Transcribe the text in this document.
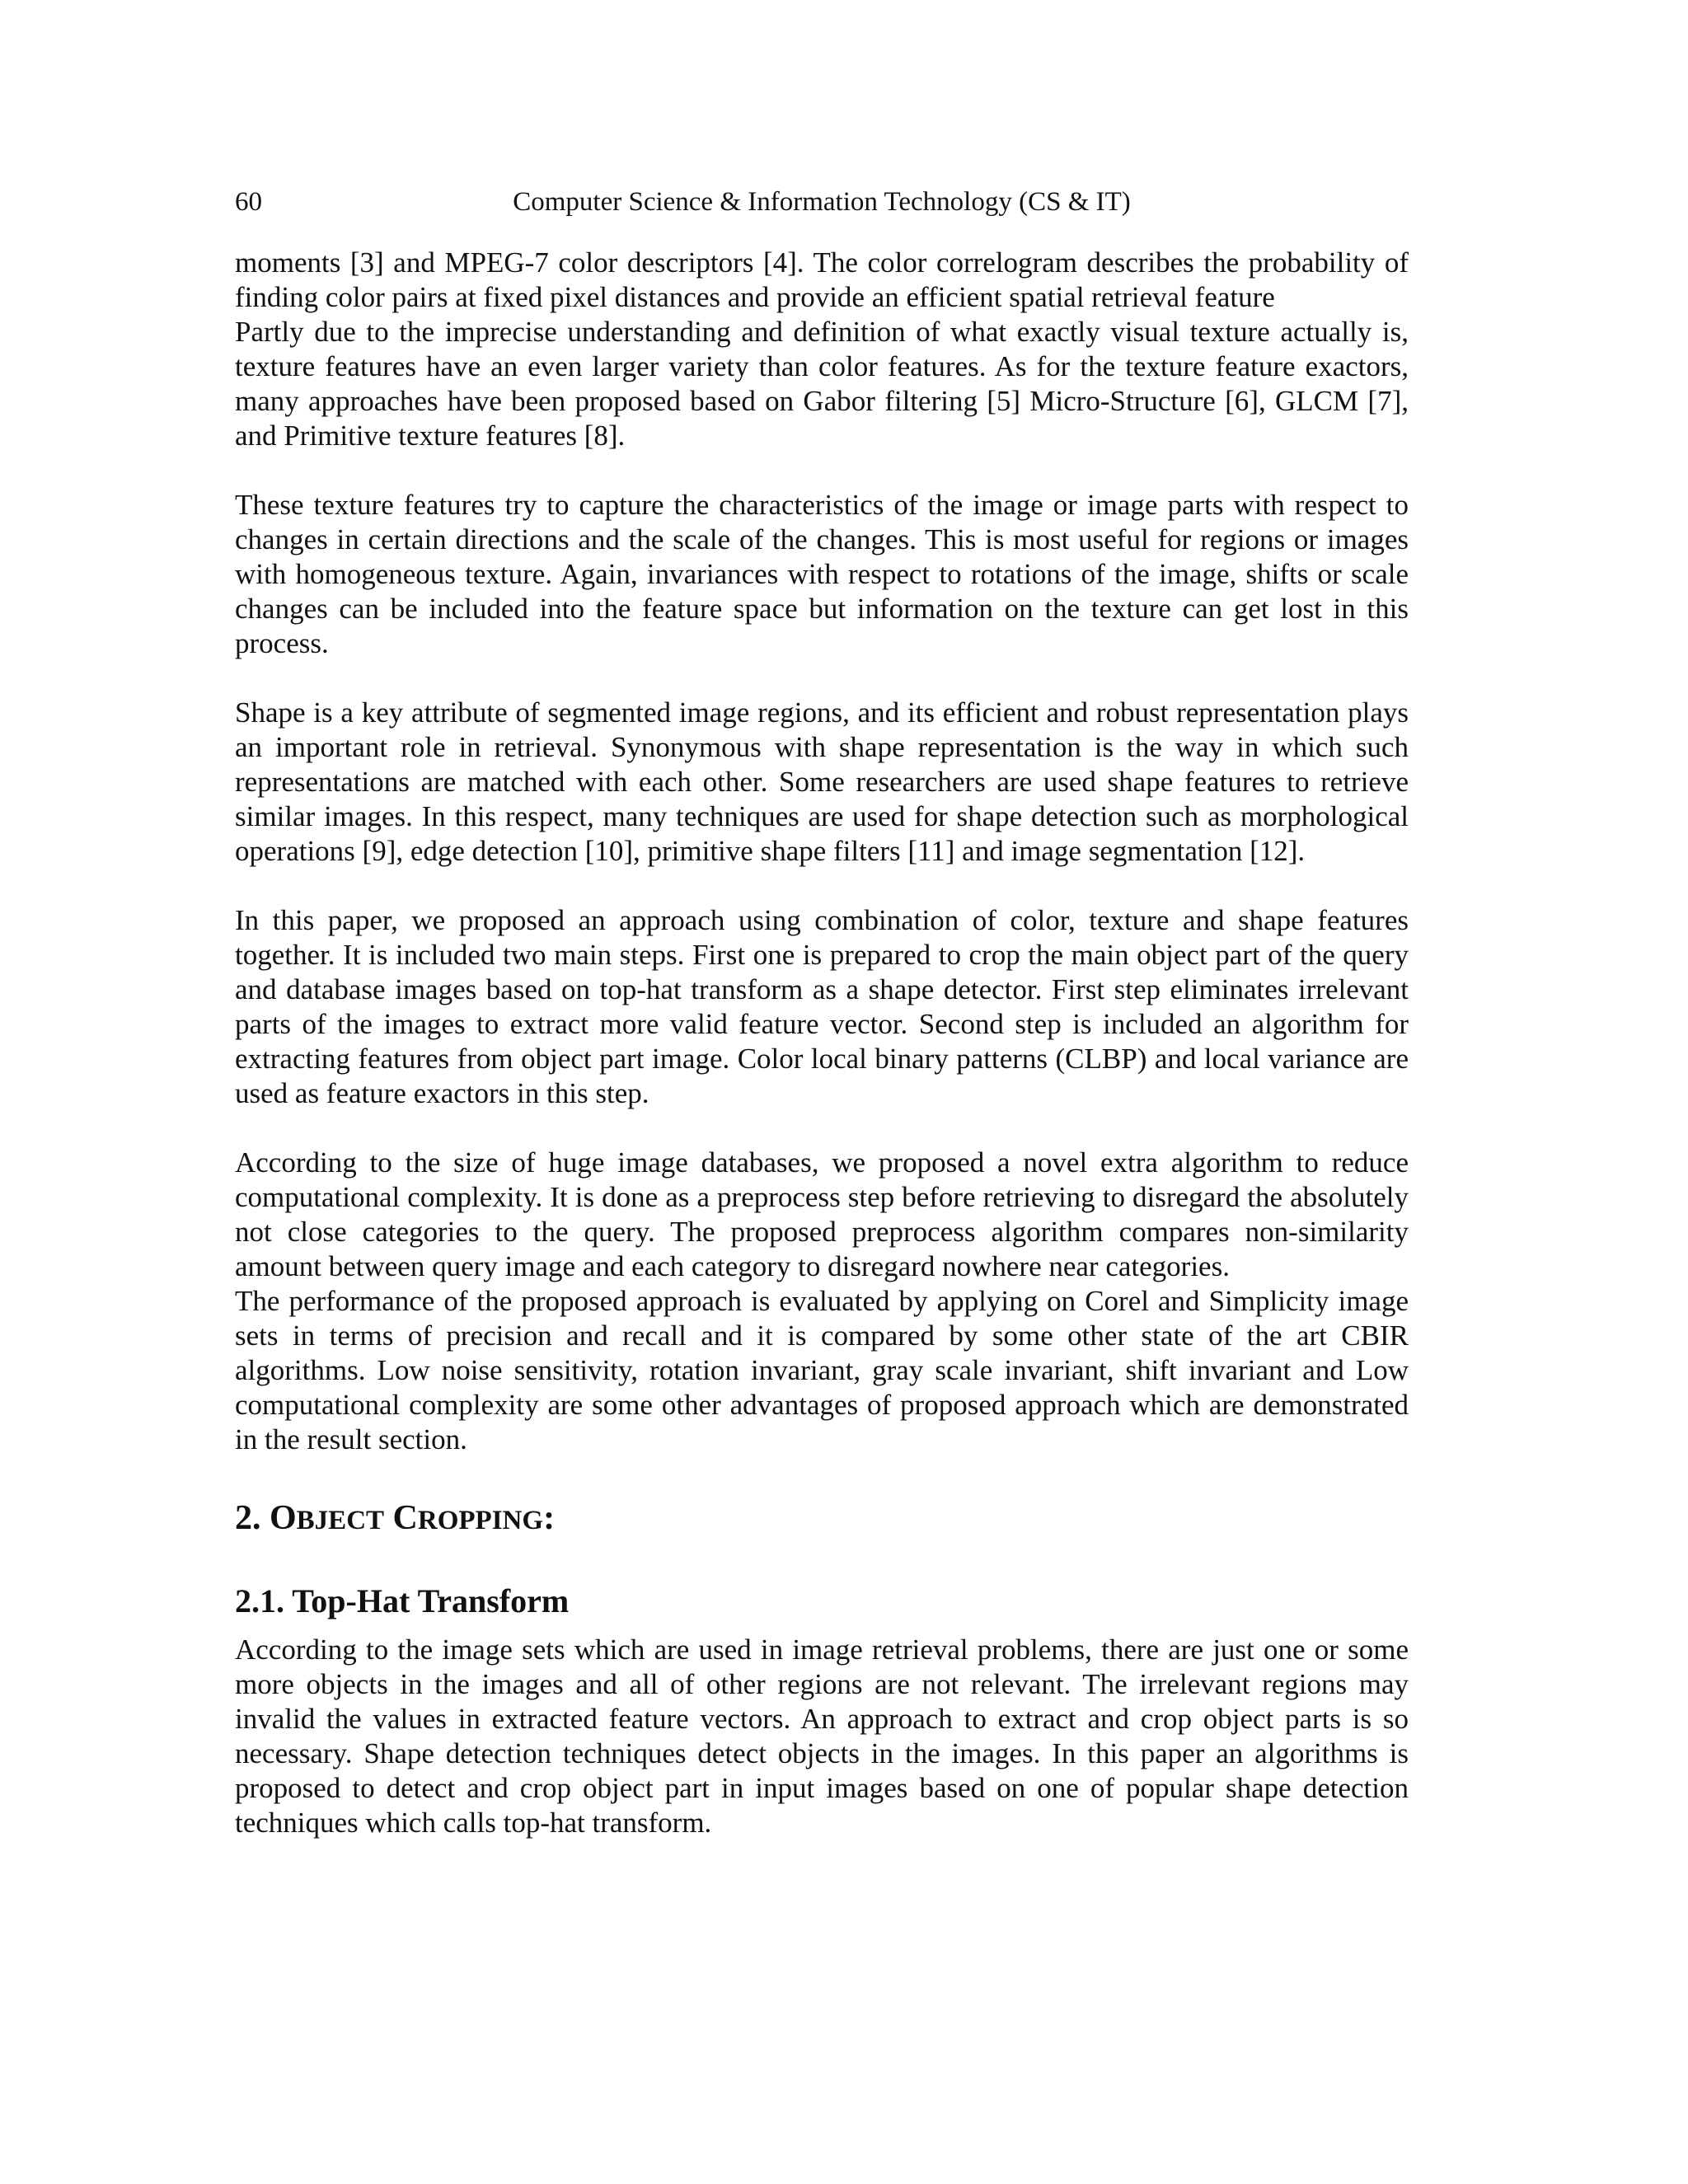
60	Computer Science & Information Technology (CS & IT)

moments [3] and MPEG-7 color descriptors [4]. The color correlogram describes the probability of finding color pairs at fixed pixel distances and provide an efficient spatial retrieval feature

Partly due to the imprecise understanding and definition of what exactly visual texture actually is, texture features have an even larger variety than color features. As for the texture feature exactors, many approaches have been proposed based on Gabor filtering [5] Micro-Structure [6], GLCM [7], and Primitive texture features [8].

These texture features try to capture the characteristics of the image or image parts with respect to changes in certain directions and the scale of the changes. This is most useful for regions or images with homogeneous texture. Again, invariances with respect to rotations of the image, shifts or scale changes can be included into the feature space but information on the texture can get lost in this process.

Shape is a key attribute of segmented image regions, and its efficient and robust representation plays an important role in retrieval. Synonymous with shape representation is the way in which such representations are matched with each other. Some researchers are used shape features to retrieve similar images. In this respect, many techniques are used for shape detection such as morphological operations [9], edge detection [10], primitive shape filters [11] and image segmentation [12].

In this paper, we proposed an approach using combination of color, texture and shape features together. It is included two main steps. First one is prepared to crop the main object part of the query and database images based on top-hat transform as a shape detector. First step eliminates irrelevant parts of the images to extract more valid feature vector. Second step is included an algorithm for extracting features from object part image. Color local binary patterns (CLBP) and local variance are used as feature exactors in this step.

According to the size of huge image databases, we proposed a novel extra algorithm to reduce computational complexity. It is done as a preprocess step before retrieving to disregard the absolutely not close categories to the query. The proposed preprocess algorithm compares non-similarity amount between query image and each category to disregard nowhere near categories.

The performance of the proposed approach is evaluated by applying on Corel and Simplicity image sets in terms of precision and recall and it is compared by some other state of the art CBIR algorithms. Low noise sensitivity, rotation invariant, gray scale invariant, shift invariant and Low computational complexity are some other advantages of proposed approach which are demonstrated in the result section.

2. OBJECT CROPPING:
2.1. Top-Hat Transform

According to the image sets which are used in image retrieval problems, there are just one or some more objects in the images and all of other regions are not relevant. The irrelevant regions may invalid the values in extracted feature vectors. An approach to extract and crop object parts is so necessary. Shape detection techniques detect objects in the images. In this paper an algorithms is proposed to detect and crop object part in input images based on one of popular shape detection techniques which calls top-hat transform.
